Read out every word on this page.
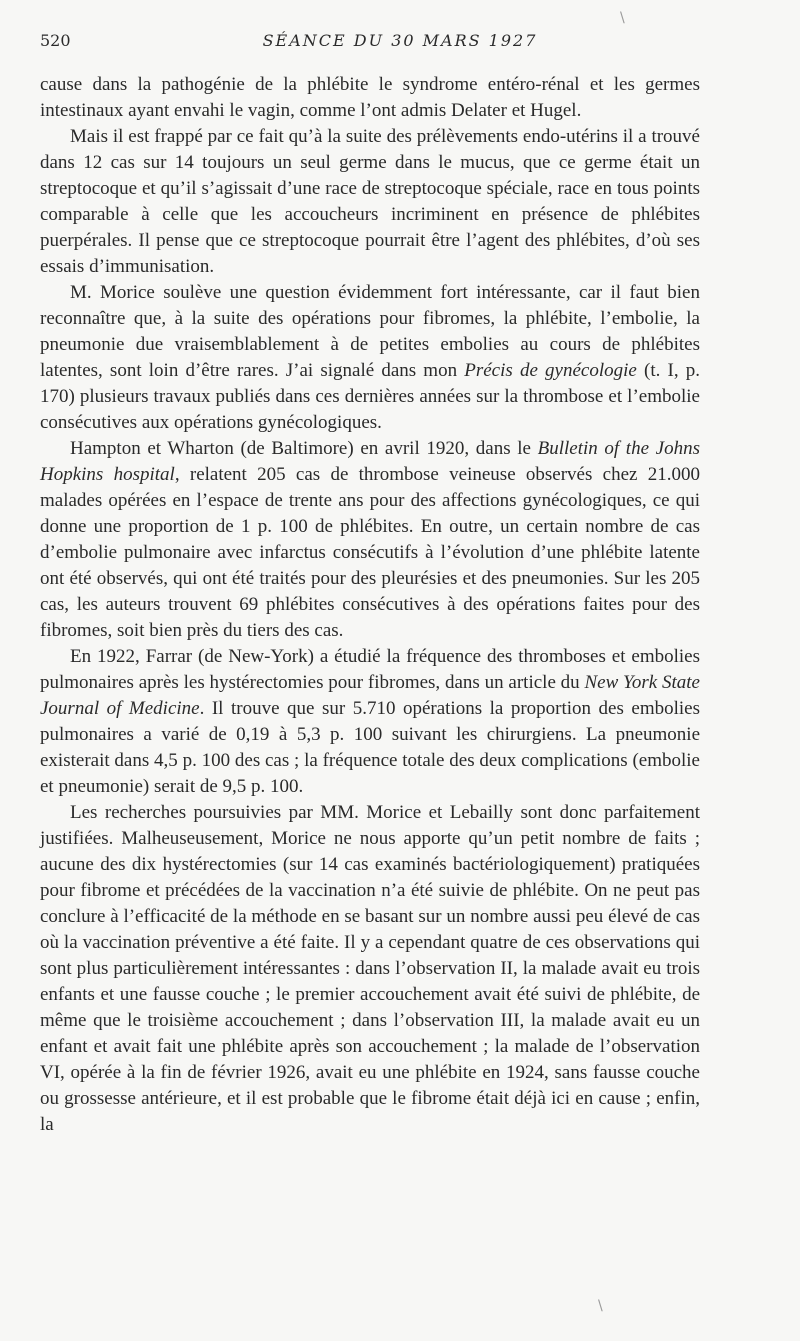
520	SÉANCE DU 30 MARS 1927

cause dans la pathogénie de la phlébite le syndrome entéro-rénal et les germes intestinaux ayant envahi le vagin, comme l’ont admis Delater et Hugel.

Mais il est frappé par ce fait qu’à la suite des prélèvements endo-utérins il a trouvé dans 12 cas sur 14 toujours un seul germe dans le mucus, que ce germe était un streptocoque et qu’il s’agissait d’une race de streptocoque spéciale, race en tous points comparable à celle que les accoucheurs incriminent en présence de phlébites puerpérales. Il pense que ce streptocoque pourrait être l’agent des phlébites, d’où ses essais d’immunisation.

M. Morice soulève une question évidemment fort intéressante, car il faut bien reconnaître que, à la suite des opérations pour fibromes, la phlébite, l’embolie, la pneumonie due vraisemblablement à de petites embolies au cours de phlébites latentes, sont loin d’être rares. J’ai signalé dans mon Précis de gynécologie (t. I, p. 170) plusieurs travaux publiés dans ces dernières années sur la thrombose et l’embolie consécutives aux opérations gynécologiques.

Hampton et Wharton (de Baltimore) en avril 1920, dans le Bulletin of the Johns Hopkins hospital, relatent 205 cas de thrombose veineuse observés chez 21.000 malades opérées en l’espace de trente ans pour des affections gynécologiques, ce qui donne une proportion de 1 p. 100 de phlébites. En outre, un certain nombre de cas d’embolie pulmonaire avec infarctus consécutifs à l’évolution d’une phlébite latente ont été observés, qui ont été traités pour des pleurésies et des pneumonies. Sur les 205 cas, les auteurs trouvent 69 phlébites consécutives à des opérations faites pour des fibromes, soit bien près du tiers des cas.

En 1922, Farrar (de New-York) a étudié la fréquence des thromboses et embolies pulmonaires après les hystérectomies pour fibromes, dans un article du New York State Journal of Medicine. Il trouve que sur 5.710 opérations la proportion des embolies pulmonaires a varié de 0,19 à 5,3 p. 100 suivant les chirurgiens. La pneumonie existerait dans 4,5 p. 100 des cas ; la fréquence totale des deux complications (embolie et pneumonie) serait de 9,5 p. 100.

Les recherches poursuivies par MM. Morice et Lebailly sont donc parfaitement justifiées. Malheuseusement, Morice ne nous apporte qu’un petit nombre de faits ; aucune des dix hystérectomies (sur 14 cas examinés bactériologiquement) pratiquées pour fibrome et précédées de la vaccination n’a été suivie de phlébite. On ne peut pas conclure à l’efficacité de la méthode en se basant sur un nombre aussi peu élevé de cas où la vaccination préventive a été faite. Il y a cependant quatre de ces observations qui sont plus particulièrement intéressantes : dans l’observation II, la malade avait eu trois enfants et une fausse couche ; le premier accouchement avait été suivi de phlébite, de même que le troisième accouchement ; dans l’observation III, la malade avait eu un enfant et avait fait une phlébite après son accouchement ; la malade de l’observation VI, opérée à la fin de février 1926, avait eu une phlébite en 1924, sans fausse couche ou grossesse antérieure, et il est probable que le fibrome était déjà ici en cause ; enfin, la

\
\
